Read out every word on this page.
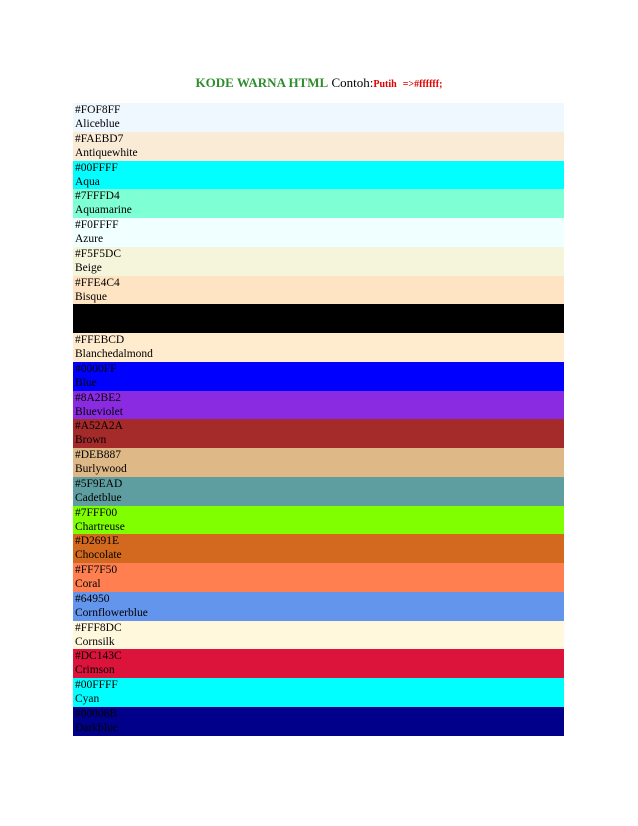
KODE WARNA HTML Contoh:Putih =>#ffffff;
#FOF8FF
Aliceblue
#FAEBD7
Antiquewhite
#00FFFF
Aqua
#7FFFD4
Aquamarine
#F0FFFF
Azure
#F5F5DC
Beige
#FFE4C4
Bisque
#000000
Black
#FFEBCD
Blanchedalmond
#0000FF
Blue
#8A2BE2
Blueviolet
#A52A2A
Brown
#DEB887
Burlywood
#5F9EAD
Cadetblue
#7FFF00
Chartreuse
#D2691E
Chocolate
#FF7F50
Coral
#64950
Cornflowerblue
#FFF8DC
Cornsilk
#DC143C
Crimson
#00FFFF
Cyan
#00008B
Darkblue
